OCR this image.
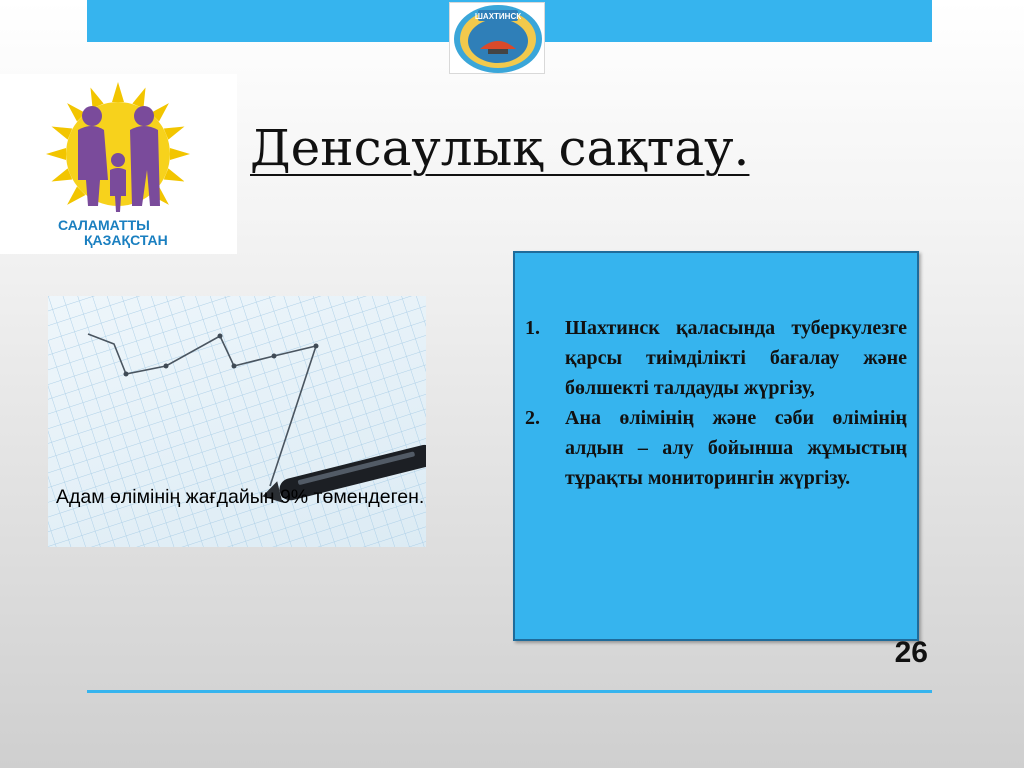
ШАХТИНСК
САЛАМАТТЫ
ҚАЗАҚСТАН
Денсаулық сақтау.
Адам өлімінің жағдайын 9% төмендеген.
1. Шахтинск қаласында туберкулезге қарсы тиімділікті бағалау және бөлшекті талдауды жүргізу,
2. Ана өлімінің және сәби өлімінің алдын – алу бойынша жұмыстың тұрақты мониторингін жүргізу.
26
